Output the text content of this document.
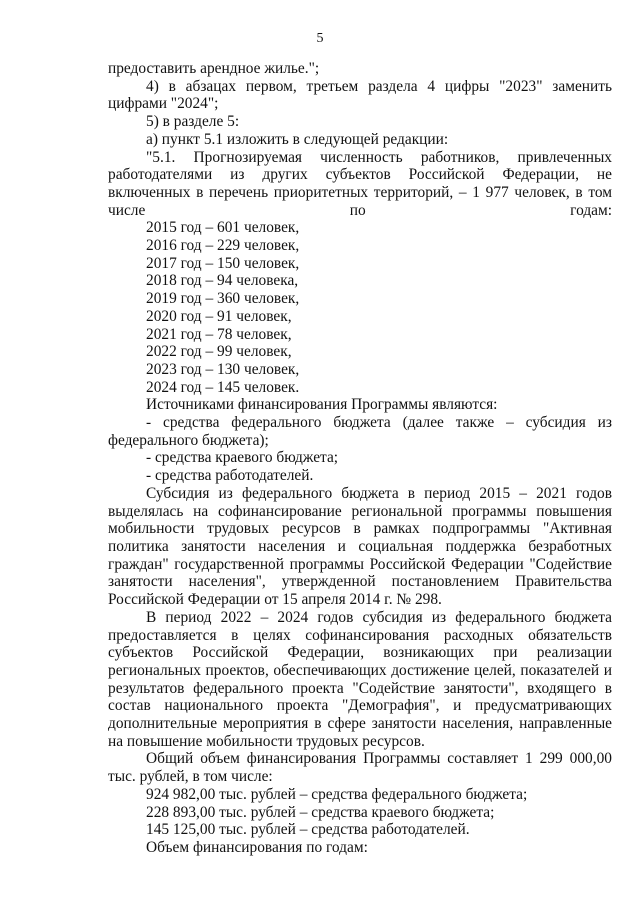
5

предоставить арендное жилье.";

4) в абзацах первом, третьем раздела 4 цифры "2023" заменить цифрами "2024";

5) в разделе 5:

а) пункт 5.1 изложить в следующей редакции:

"5.1. Прогнозируемая численность работников, привлеченных работодателями из других субъектов Российской Федерации, не включенных в перечень приоритетных территорий, – 1 977 человек, в том числе по годам:

2015 год – 601 человек,

2016 год – 229 человек,

2017 год – 150 человек,

2018 год – 94 человека,

2019 год – 360 человек,

2020 год – 91 человек,

2021 год – 78 человек,

2022 год – 99 человек,

2023 год – 130 человек,

2024 год – 145 человек.

Источниками финансирования Программы являются:

- средства федерального бюджета (далее также – субсидия из федерального бюджета);

- средства краевого бюджета;

- средства работодателей.

Субсидия из федерального бюджета в период 2015 – 2021 годов выделялась на софинансирование региональной программы повышения мобильности трудовых ресурсов в рамках подпрограммы "Активная политика занятости населения и социальная поддержка безработных граждан" государственной программы Российской Федерации "Содействие занятости населения", утвержденной постановлением Правительства Российской Федерации от 15 апреля 2014 г. № 298.

В период 2022 – 2024 годов субсидия из федерального бюджета предоставляется в целях софинансирования расходных обязательств субъектов Российской Федерации, возникающих при реализации региональных проектов, обеспечивающих достижение целей, показателей и результатов федерального проекта "Содействие занятости", входящего в состав национального проекта "Демография", и предусматривающих дополнительные мероприятия в сфере занятости населения, направленные на повышение мобильности трудовых ресурсов.

Общий объем финансирования Программы составляет 1 299 000,00 тыс. рублей, в том числе:

924 982,00 тыс. рублей – средства федерального бюджета;

228 893,00 тыс. рублей – средства краевого бюджета;

145 125,00 тыс. рублей – средства работодателей.

Объем финансирования по годам:
